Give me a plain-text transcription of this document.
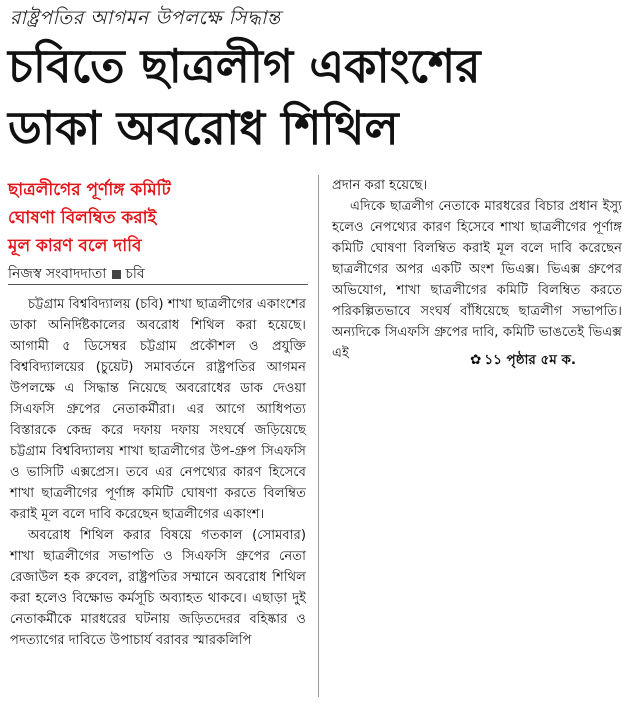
রাষ্ট্রপতির আগমন উপলক্ষে সিদ্ধান্ত
চবিতে ছাত্রলীগ একাংশের
ডাকা অবরোধ শিথিল
ছাত্রলীগের পূর্ণাঙ্গ কমিটি
ঘোষণা বিলম্বিত করাই
মূল কারণ বলে দাবি
নিজস্ব সংবাদদাতা চবি

চট্টগ্রাম বিশ্ববিদ্যালয় (চবি) শাখা ছাত্রলীগের একাংশের ডাকা অনির্দিষ্টকালের অবরোধ শিথিল করা হয়েছে। আগামী ৫ ডিসেম্বর চট্টগ্রাম প্রকৌশল ও প্রযুক্তি বিশ্ববিদ্যালয়ের (চুয়েট) সমাবর্তনে রাষ্ট্রপতির আগমন উপলক্ষে এ সিদ্ধান্ত নিয়েছে অবরোধের ডাক দেওয়া সিএফসি গ্রুপের নেতাকর্মীরা। এর আগে আধিপত্য বিস্তারকে কেন্দ্র করে দফায় দফায় সংঘর্ষে জড়িয়েছে চট্টগ্রাম বিশ্ববিদ্যালয় শাখা ছাত্রলীগের উপ-গ্রুপ সিএফসি ও ভাসিটি এক্সপ্রেস। তবে এর নেপথ্যের কারণ হিসেবে শাখা ছাত্রলীগের পূর্ণাঙ্গ কমিটি ঘোষণা করতে বিলম্বিত করাই মূল বলে দাবি করেছেন ছাত্রলীগের একাংশ।

অবরোধ শিথিল করার বিষয়ে গতকাল (সোমবার) শাখা ছাত্রলীগের সভাপতি ও সিএফসি গ্রুপের নেতা রেজাউল হক রুবেল, রাষ্ট্রপতির সম্মানে অবরোধ শিথিল করা হলেও বিক্ষোভ কর্মসূচি অব্যাহত থাকবে। এছাড়া দুই নেতাকর্মীকে মারধরের ঘটনায় জড়িতদেরর বহিষ্কার ও পদত্যাগের দাবিতে উপাচার্য বরাবর স্মারকলিপি

প্রদান করা হয়েছে।

এদিকে ছাত্রলীগ নেতাকে মারধরের বিচার প্রধান ইস্যু হলেও নেপথ্যের কারণ হিসেবে শাখা ছাত্রলীগের পূর্ণাঙ্গ কমিটি ঘোষণা বিলম্বিত করাই মূল বলে দাবি করেছেন ছাত্রলীগের অপর একটি অংশ ভিএক্স। ভিএক্স গ্রুপের অভিযোগ, শাখা ছাত্রলীগের কমিটি বিলম্বিত করতে পরিকল্পিতভাবে সংঘর্ষ বাঁধিয়েছে ছাত্রলীগ সভাপতি। অন্যদিকে সিএফসি গ্রুপের দাবি, কমিটি ভাঙতেই ভিএক্স এই	✿ ১১ পৃষ্ঠার ৫ম ক.
